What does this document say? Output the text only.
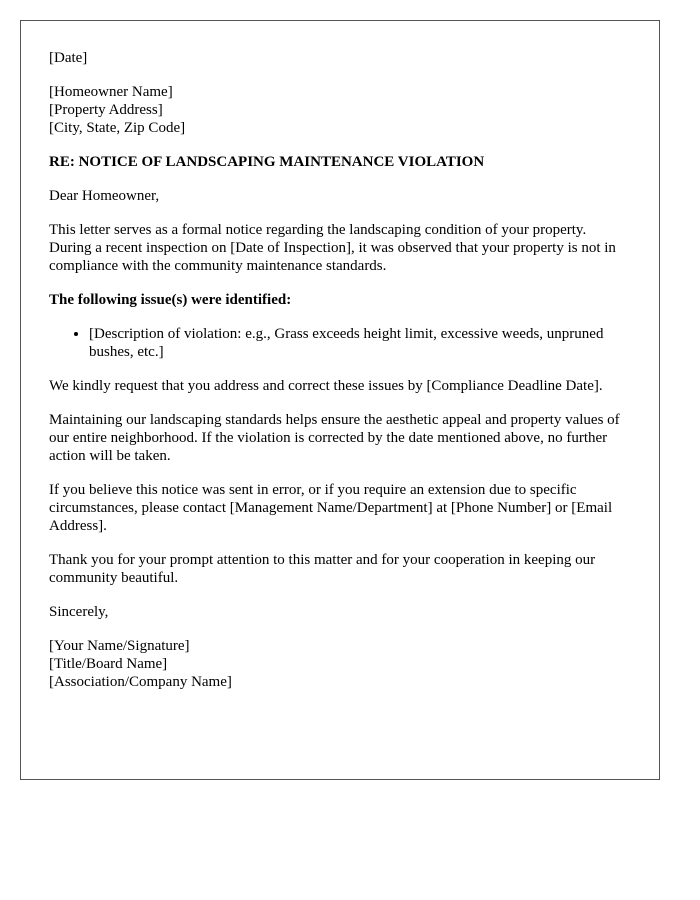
[Date]
[Homeowner Name]
[Property Address]
[City, State, Zip Code]
RE: NOTICE OF LANDSCAPING MAINTENANCE VIOLATION
Dear Homeowner,
This letter serves as a formal notice regarding the landscaping condition of your property. During a recent inspection on [Date of Inspection], it was observed that your property is not in compliance with the community maintenance standards.
The following issue(s) were identified:
• [Description of violation: e.g., Grass exceeds height limit, excessive weeds, unpruned bushes, etc.]
We kindly request that you address and correct these issues by [Compliance Deadline Date].
Maintaining our landscaping standards helps ensure the aesthetic appeal and property values of our entire neighborhood. If the violation is corrected by the date mentioned above, no further action will be taken.
If you believe this notice was sent in error, or if you require an extension due to specific circumstances, please contact [Management Name/Department] at [Phone Number] or [Email Address].
Thank you for your prompt attention to this matter and for your cooperation in keeping our community beautiful.
Sincerely,
[Your Name/Signature]
[Title/Board Name]
[Association/Company Name]
